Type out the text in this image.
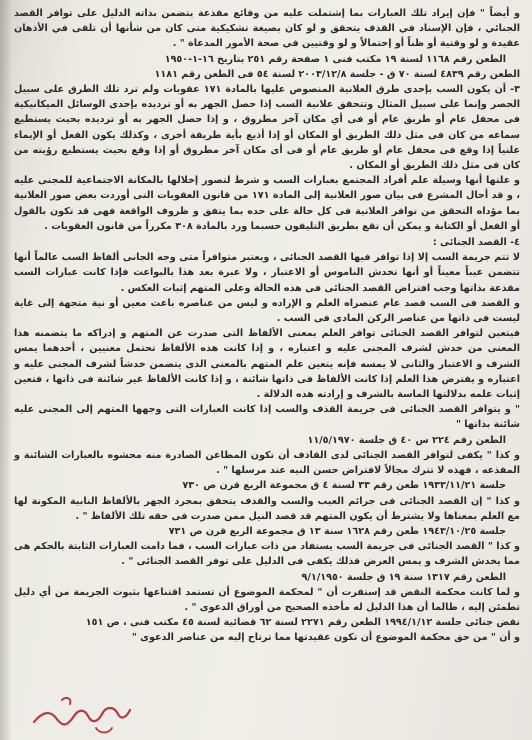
و أيضاً " فإن إيراد تلك العبارات بما إشتملت عليه من وقائع مقذعة يتضمن بذاته الدليل على توافر القصد الجنائي ، فإن الإسناد في القذف يتحقق و لو كان بصيغة تشكيكية متى كان من شأنها أن تلقى في الأذهان عقيدة و لو وقتية أو ظناً أو إحتمالاً و لو وقتيين في صحة الأمور المدعاة " .

الطعن رقم ١١٦٨ لسنة ١٩ مكتب فنى ١ صفحة رقم ٢٥١ بتاريخ ١٦-١-١٩٥٠

الطعن رقم ٤٨٣٩ لسنة ٧٠ ق - جلسة ٢٠٠٣/١٢/٨ لسنة ٥٤ فى الطعن رقم ١١٨١

٣- أن يكون السب بإحدى طرق العلانية المنصوص عليها بالمادة ١٧١ عقوبات ولم ترد تلك الطرق على سبيل الحصر وإنما على سبيل المثال وتتحقق علانية السب إذا حصل الجهر به أو ترديده بإحدى الوسائل الميكانيكية فى محفل عام أو طريق عام أو فى أي مكان آخر مطروق ، و إذا حصل الجهر به أو ترديده بحيث يستطيع سماعه من كان فى مثل ذلك الطريق أو المكان أو إذا أذيع بأية طريقة أخرى ، وكذلك يكون الفعل أو الإيماء علنياً إذا وقع فى محفل عام أو طريق عام أو فى أى مكان آخر مطروق أو إذا وقع بحيث يستطيع رؤيته من كان فى مثل ذلك الطريق أو المكان .

و علتها أنها وسيلة علم أفراد المجتمع بعبارات السب و شرط لتصور إخلالها بالمكانة الاجتماعية للمجنى عليه ، و قد أحال المشرع فى بيان صور العلانية إلى المادة ١٧١ من قانون العقوبات التى أوردت بعض صور العلانية بما مؤداه التحقق من توافر العلانية فى كل حالة على حده بما يتفق و ظروف الواقعة فهى قد تكون بالقول أو الفعل أو الكتابة و يمكن أن تقع بطريق التليفون حسبما ورد بالمادة ٣٠٨ مكرراً من قانون العقوبات .

٤- القصد الجنائى :

لا تتم جريمة السب إلا إذا توافر فيها القصد الجنائى ، ويعتبر متوافراً متى وجه الجانى ألفاظ السب عالماً أنها تتضمن عيباً معيناً أو أنها تخدش الناموس أو الاعتبار ، ولا عبرة بعد هذا بالبواعث فإذا كانت عبارات السب مقذعة بذاتها وجب افتراض القصد الجنائى فى هذه الحالة وعلى المتهم إثبات العكس .

و القصد فى السب قصد عام عنصراه العلم و الإراده و ليس من عناصره باعث معين أو نية متجهة إلى غاية ليست فى ذاتها من عناصر الركن المادى فى السب .

فيتعين لتوافر القصد الجنائى توافر العلم بمعنى الألفاظ التى صدرت عن المتهم و إدراكه ما يتضمنه هذا المعنى من خدش لشرف المجنى عليه و اعتباره ، و إذا كانت هذه الألفاظ تحتمل معنيين ، أحدهما يمس الشرف و الاعتبار والثانى لا يمسه فإنه يتعين علم المتهم بالمعنى الذى يتضمن خدشاً لشرف المجنى عليه و اعتباره و يفترض هذا العلم إذا كانت الألفاظ فى ذاتها شائنة ، و إذا كانت الألفاظ غير شائنة فى ذاتها ، فتعين إثبات علمه بدلالتها الماسة بالشرف و إرادته هذه الدلالة .

" و يتوافر القصد الجنائى فى جريمة القذف والسب إذا كانت العبارات التى وجهها المتهم إلى المجنى عليه شائنة بذاتها "

الطعن رقم ٢٢٤ س ٤٠ ق جلسة ١١/٥/١٩٧٠

و كذا " يكفى لتوافر القصد الجنائى لدى القاذف أن تكون المطاعن الصادرة منه محشوه بالعبارات الشائنة و المقذعه ، فهذه لا تترك مجالاً لافتراض حسن النيه عند مرسلها " .

جلسة ١٩٣٣/١١/٢١ طعن رقم ٣٣ لسنة ٤ ق مجموعة الربع قرن ص ٧٣٠

و كذا " إن القصد الجنائى فى جرائم العيب والسب والقذف يتحقق بمجرد الجهر بالألفاظ النابية المكونة لها مع العلم بمعناها ولا يشترط أن يكون المتهم قد قصد النيل ممن صدرت فى حقه تلك الألفاظ " .

جلسة ١٩٤٣/١٠/٢٥ طعن رقم ١٦٢٨ سنة ١٣ ق مجموعة الربع قرن ص ٧٣١

و كذا " القصد الجنائى فى جريمة السب يستفاد من ذات عبارات السب ، فما دامت العبارات الثابتة بالحكم هى مما يخدش الشرف و يمس العرض فذلك يكفى فى الدليل على توفر القصد الجنائى " .

الطعن رقم ١٣١٧ سنة ١٩ ق جلسة ٩/١/١٩٥٠

و لما كانت محكمة النقض قد إستقرت أن " لمحكمة الموضوع أن تستمد اقتناعها بثبوت الجريمة من أي دليل تطمئن إليه ، طالما أن هذا الدليل له مأخذه الصحيح من أوراق الدعوى " .

نقض جنائى جلسة ١٩٩٤/١/١٢ الطعن رقم ٢٢٧١ لسنة ٦٢ قضائية لسنة ٤٥ مكتب فنى ، ص ١٥١

و أن " من حق محكمة الموضوع أن تكون عقيدتها مما ترتاح إليه من عناصر الدعوى "
